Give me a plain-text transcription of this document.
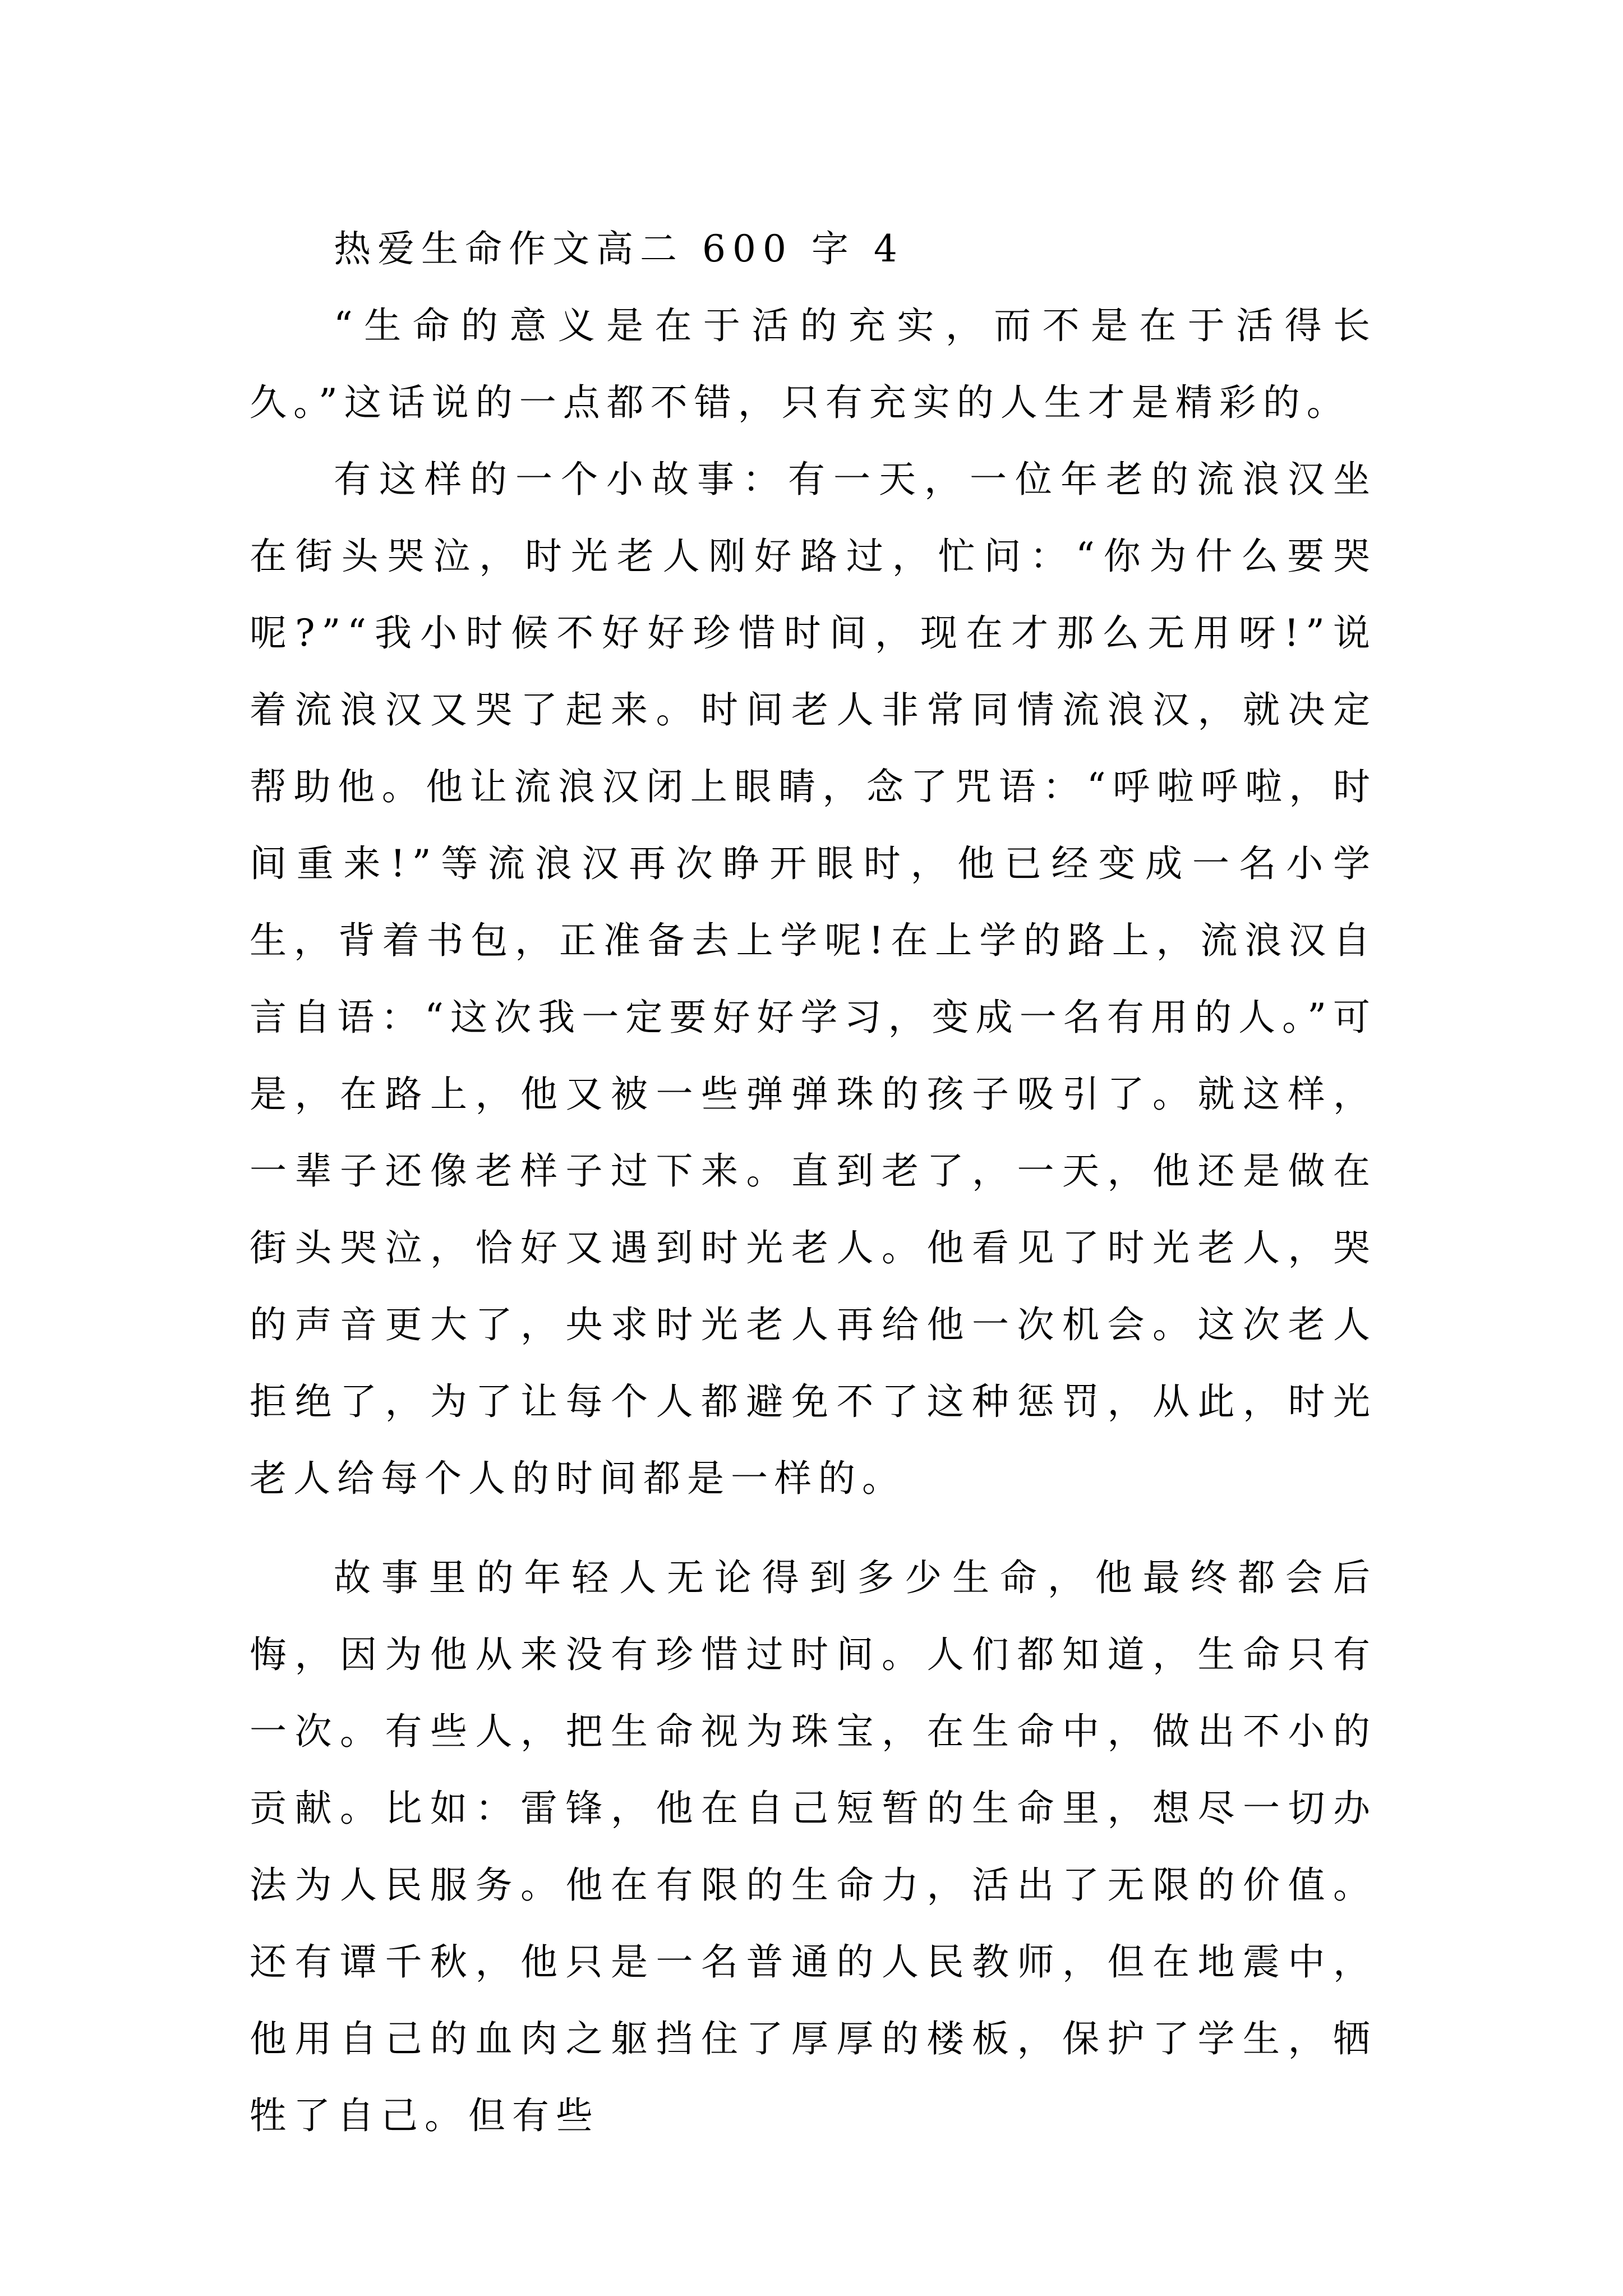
热爱生命作文高二 600 字 4

“生命的意义是在于活的充实，而不是在于活得长久。”这话说的一点都不错，只有充实的人生才是精彩的。

有这样的一个小故事：有一天，一位年老的流浪汉坐在街头哭泣，时光老人刚好路过，忙问：“你为什么要哭呢?”“我小时候不好好珍惜时间，现在才那么无用呀!”说着流浪汉又哭了起来。时间老人非常同情流浪汉，就决定帮助他。他让流浪汉闭上眼睛，念了咒语：“呼啦呼啦，时间重来!”等流浪汉再次睁开眼时，他已经变成一名小学生，背着书包，正准备去上学呢!在上学的路上，流浪汉自言自语：“这次我一定要好好学习，变成一名有用的人。”可是，在路上，他又被一些弹弹珠的孩子吸引了。就这样，一辈子还像老样子过下来。直到老了，一天，他还是做在街头哭泣，恰好又遇到时光老人。他看见了时光老人，哭的声音更大了，央求时光老人再给他一次机会。这次老人拒绝了，为了让每个人都避免不了这种惩罚，从此，时光老人给每个人的时间都是一样的。

故事里的年轻人无论得到多少生命，他最终都会后悔，因为他从来没有珍惜过时间。人们都知道，生命只有一次。有些人，把生命视为珠宝，在生命中，做出不小的贡献。比如：雷锋，他在自己短暂的生命里，想尽一切办法为人民服务。他在有限的生命力，活出了无限的价值。还有谭千秋，他只是一名普通的人民教师，但在地震中，他用自己的血肉之躯挡住了厚厚的楼板，保护了学生，牺牲了自己。但有些
